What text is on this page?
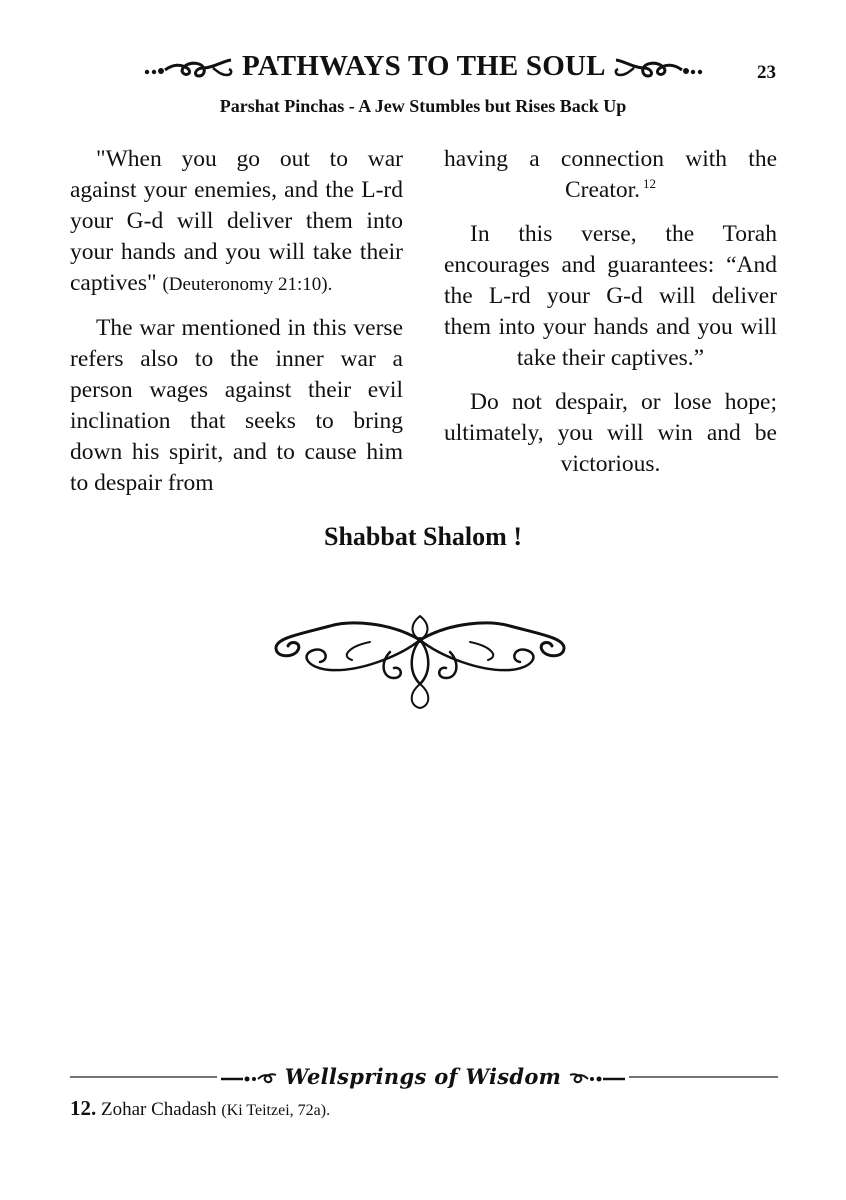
PATHWAYS TO THE SOUL	23
Parshat Pinchas - A Jew Stumbles but Rises Back Up

"When you go out to war against your enemies, and the L-rd your G-d will deliver them into your hands and you will take their captives" (Deuteronomy 21:10).

The war mentioned in this verse refers also to the inner war a person wages against their evil inclination that seeks to bring down his spirit, and to cause him to despair from

having a connection with the Creator. $^{12}$

In this verse, the Torah encourages and guarantees: “And the L-rd your G-d will deliver them into your hands and you will take their captives.”

Do not despair, or lose hope; ultimately, you will win and be victorious.

Shabbat Shalom !
Wellsprings of Wisdom
12. Zohar Chadash (Ki Teitzei, 72a).
